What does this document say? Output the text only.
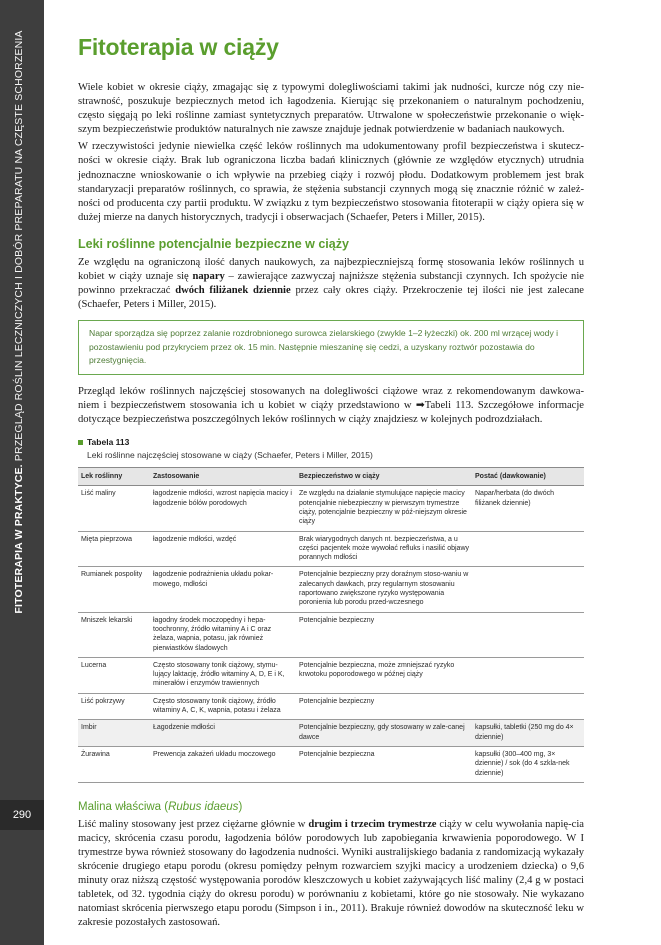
FITOTERAPIA W PRAKTYCE. PRZEGLĄD ROŚLIN LECZNICZYCH I DOBÓR PREPARATU NA CZĘSTE SCHORZENIA
290
Fitoterapia w ciąży

Wiele kobiet w okresie ciąży, zmagając się z typowymi dolegliwościami takimi jak nudności, kurcze nóg czy nie-strawność, poszukuje bezpiecznych metod ich łagodzenia. Kierując się przekonaniem o naturalnym pochodzeniu, często sięgają po leki roślinne zamiast syntetycznych preparatów. Utrwalone w społeczeństwie przekonanie o więk-szym bezpieczeństwie produktów naturalnych nie zawsze znajduje jednak potwierdzenie w badaniach naukowych.

W rzeczywistości jedynie niewielka część leków roślinnych ma udokumentowany profil bezpieczeństwa i skutecz-ności w okresie ciąży. Brak lub ograniczona liczba badań klinicznych (głównie ze względów etycznych) utrudnia jednoznaczne wnioskowanie o ich wpływie na przebieg ciąży i rozwój płodu. Dodatkowym problemem jest brak standaryzacji preparatów roślinnych, co sprawia, że stężenia substancji czynnych mogą się znacznie różnić w zależ-ności od producenta czy partii produktu. W związku z tym bezpieczeństwo stosowania fitoterapii w ciąży opiera się w dużej mierze na danych historycznych, tradycji i obserwacjach (Schaefer, Peters i Miller, 2015).

Leki roślinne potencjalnie bezpieczne w ciąży

Ze względu na ograniczoną ilość danych naukowych, za najbezpieczniejszą formę stosowania leków roślinnych u kobiet w ciąży uznaje się napary – zawierające zazwyczaj najniższe stężenia substancji czynnych. Ich spożycie nie powinno przekraczać dwóch filiżanek dziennie przez cały okres ciąży. Przekroczenie tej ilości nie jest zalecane (Schaefer, Peters i Miller, 2015).

Napar sporządza się poprzez zalanie rozdrobnionego surowca zielarskiego (zwykle 1–2 łyżeczki) ok. 200 ml wrzącej wody i pozostawieniu pod przykryciem przez ok. 15 min. Następnie mieszaninę się cedzi, a uzyskany roztwór pozostawia do przestygnięcia.

Przegląd leków roślinnych najczęściej stosowanych na dolegliwości ciążowe wraz z rekomendowanym dawkowa-niem i bezpieczeństwem stosowania ich u kobiet w ciąży przedstawiono w ➡Tabeli 113. Szczegółowe informacje dotyczące bezpieczeństwa poszczególnych leków roślinnych w ciąży znajdziesz w kolejnych podrozdziałach.

Tabela 113
Leki roślinne najczęściej stosowane w ciąży (Schaefer, Peters i Miller, 2015)
Lek roślinny	Zastosowanie	Bezpieczeństwo w ciąży	Postać (dawkowanie)
Liść maliny	łagodzenie mdłości, wzrost napięcia macicy i łagodzenie bólów porodowych	Ze względu na działanie stymulujące napięcie macicy potencjalnie niebezpieczny w pierwszym trymestrze ciąży, potencjalnie bezpieczny w póź-niejszym okresie ciąży	Napar/herbata (do dwóch filiżanek dziennie)
Mięta pieprzowa	łagodzenie mdłości, wzdęć	Brak wiarygodnych danych nt. bezpieczeństwa, a u części pacjentek może wywołać refluks i nasilić objawy porannych mdłości	
Rumianek pospolity	łagodzenie podrażnienia układu pokar-mowego, mdłości	Potencjalnie bezpieczny przy doraźnym stoso-waniu w zalecanych dawkach, przy regularnym stosowaniu raportowano zwiększone ryzyko występowania poronienia lub porodu przed-wczesnego	
Mniszek lekarski	łagodny środek moczopędny i hepa-toochronny, źródło witaminy A i C oraz żelaza, wapnia, potasu, jak również pierwiastków śladowych	Potencjalnie bezpieczny	
Lucerna	Często stosowany tonik ciążowy, stymu-lujący laktację, źródło witaminy A, D, E i K, minerałów i enzymów trawiennych	Potencjalnie bezpieczna, może zmniejszać ryzyko krwotoku poporodowego w późnej ciąży	
Liść pokrzywy	Często stosowany tonik ciążowy, źródło witaminy A, C, K, wapnia, potasu i żelaza	Potencjalnie bezpieczny	
Imbir	Łagodzenie mdłości	Potencjalnie bezpieczny, gdy stosowany w zale-canej dawce	kapsułki, tabletki (250 mg do 4× dziennie)
Żurawina	Prewencja zakażeń układu moczowego	Potencjalnie bezpieczna	kapsułki (300–400 mg, 3× dziennie) / sok (do 4 szkla-nek dziennie)
Malina właściwa (Rubus idaeus)

Liść maliny stosowany jest przez ciężarne głównie w drugim i trzecim trymestrze ciąży w celu wywołania napię-cia macicy, skrócenia czasu porodu, łagodzenia bólów porodowych lub zapobiegania krwawienia poporodowego. W I trymestrze bywa również stosowany do łagodzenia nudności. Wyniki australijskiego badania z randomizacją wykazały skrócenie drugiego etapu porodu (okresu pomiędzy pełnym rozwarciem szyjki macicy a urodzeniem dziecka) o 9,6 minuty oraz niższą częstość występowania porodów kleszczowych u kobiet zażywających liść maliny (2,4 g w postaci tabletek, od 32. tygodnia ciąży do okresu porodu) w porównaniu z kobietami, które go nie stosowały. Nie wykazano natomiast skrócenia pierwszego etapu porodu (Simpson i in., 2011). Brakuje również dowodów na skuteczność leku w zakresie pozostałych zastosowań.
